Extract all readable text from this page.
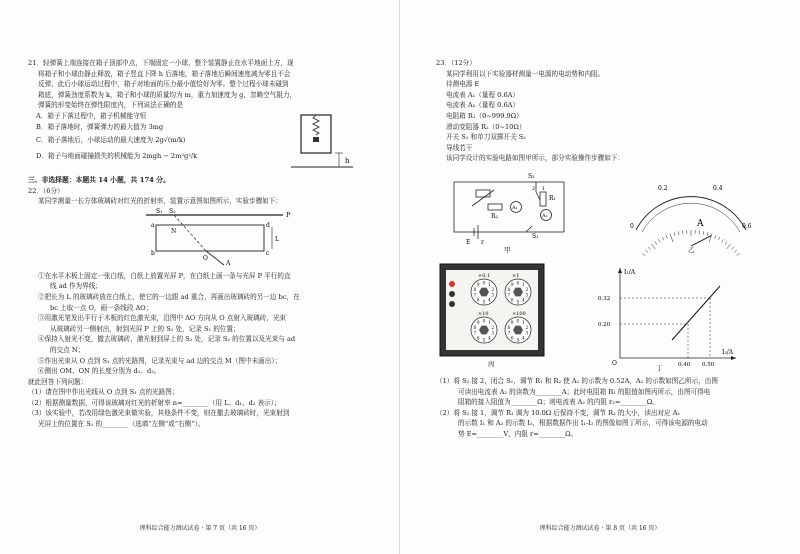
21．轻弹簧上端连接在箱子顶部中点，下端固定一小球，整个装置静止在水平地面上方，现

将箱子和小球由静止释放，箱子竖直下降 h 后落地，箱子落地后瞬间速度减为零且不会

反弹，此后小球运动过程中，箱子对地面的压力最小值恰好为零。整个过程小球未碰到

箱底，弹簧劲度系数为 k，箱子和小球的质量均为 m，重力加速度为 g，忽略空气阻力，

弹簧的形变始终在弹性限度内，下列说法正确的是

A．箱子下落过程中，箱子机械能守恒

B．箱子落地时，弹簧弹力的最大值为 3mg

C．箱子落地后，小球运动的最大速度为 2g√(m/k)

D．箱子与地面碰撞损失的机械能为 2mgh − 2m²g²/k

h

三、非选择题：本题共 14 小题，共 174 分。

22．（6分）

某同学测量一长方体玻璃砖对红光的折射率，装置示意图如图所示，实验步骤如下：

P
S₁ S₂
a
b
d
c
N
O
A
L

①在水平木板上固定一张白纸，白纸上放置光屏 P，在白纸上画一条与光屏 P 平行的直

线 ad 作为界线；

②把长为 L 的玻璃砖放在白纸上，使它的一边跟 ad 重合，再画出玻璃砖的另一边 bc，在

bc 上取一点 O，画一条线段 AO；

③用激光笔发出平行于木板的红色激光束，沿图中 AO 方向从 O 点射入玻璃砖，光束

从玻璃砖另一侧射出，射到光屏 P 上的 S₁ 处，记录 S₁ 的位置；

④保持入射光不变，撤去玻璃砖，激光射到屏上的 S₂ 处，记录 S₂ 的位置以及光束与 ad

的交点 N；

⑤作出光束从 O 点到 S₁ 点的光路图，记录光束与 ad 边的交点 M（图中未画出）；

⑥测出 OM、ON 的长度分别为 d₁、d₂。

就此回答下列问题：

（1）请在图中作出光线从 O 点到 S₁ 点的光路图；

（2）根据测量数据，可得该玻璃对红光的折射率 n=________（用 L、d₁、d₂ 表示）；

（3）该实验中，若改用绿色激光束做实验，其他条件不变，则在撤去玻璃砖时，光束射到

光屏上的位置在 S₁ 的________（选填“左侧”或“右侧”）。

理科综合能力测试试卷 · 第 7 页（共 16 页）

23．（12分）

某同学利用以下实验器材测量一电源的电动势和内阻。

待测电源 E

电流表 A₁（量程 0.6A）

电流表 A₂（量程 0.6A）

电阻箱 R₁（0~999.9Ω）

滑动变阻器 R₂（0~10Ω）

开关 S₁ 和单刀双掷开关 S₂

导线若干

该同学设计的实验电路如图甲所示，部分实验操作步骤如下：

S₂
1
2
R₁
R₂
A₁
A₂
E r
S₁
甲
0
0.2	0.4
0.6
A
乙
0 1
2
3
4
5
6
7
8
9
×0.1
0 1
2
3
4
5
6
7
8
9
×1
0 1
2
3
4
5
6
7
8
9
×10
0 1
2
3
4
5
6
7
8
9
×100
丙
I₁/A
I₂/A
O
0.32
0.20
0.40 0.50
丁

（1）将 S₂ 接 2，闭合 S₁，调节 R₁ 和 R₂ 使 A₁ 的示数为 0.52A，A₂ 的示数如图乙所示，由图

可读出电流表 A₂ 的读数为________A；此时电阻箱 R₁ 的阻值如图丙所示，由图可得电

阻箱的接入阻值为________Ω；则电流表 A₂ 的内阻 r₂=________Ω。

（2）将 S₂ 接 1，调节 R₁ 调为 10.0Ω 后保持不变，调节 R₂ 的大小，读出对应 A₁

的示数 I₁ 和 A₂ 的示数 I₂，根据数据作出 I₁-I₂ 的图像如图丁所示，可得该电源的电动

势 E=________V，内阻 r=________Ω。

理科综合能力测试试卷 · 第 8 页（共 16 页）
